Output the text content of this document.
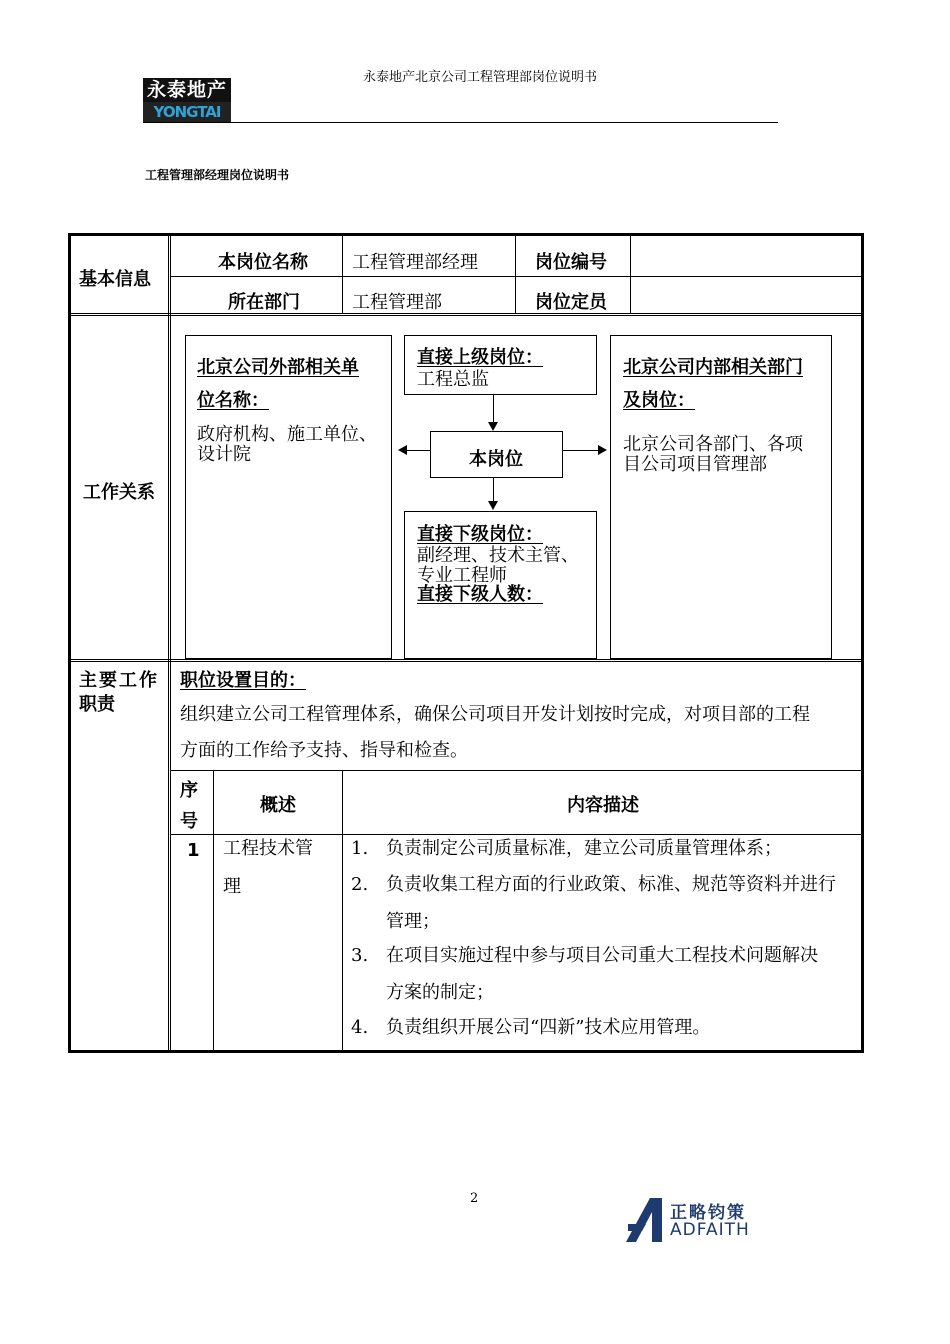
永泰地产
YONGTAI
永泰地产北京公司工程管理部岗位说明书
工程管理部经理岗位说明书
基本信息
本岗位名称 工程管理部经理	岗位编号
所在部门	工程管理部	岗位定员
工作关系
北京公司外部相关单
位名称：
政府机构、施工单位、
设计院
直接上级岗位：
工程总监
本岗位
直接下级岗位：
副经理、技术主管、
专业工程师
直接下级人数：
北京公司内部相关部门
及岗位：
北京公司各部门、各项
目公司项目管理部
主要工作
职责
职位设置目的：
组织建立公司工程管理体系，确保公司项目开发计划按时完成，对项目部的工程
方面的工作给予支持、指导和检查。
序
号
概述	内容描述
1 工程技术管
理
1. 负责制定公司质量标准，建立公司质量管理体系；
2. 负责收集工程方面的行业政策、标准、规范等资料并进行
管理；
3. 在项目实施过程中参与项目公司重大工程技术问题解决
方案的制定；
4. 负责组织开展公司“四新”技术应用管理。
2
正略钧策
ADFAITH
